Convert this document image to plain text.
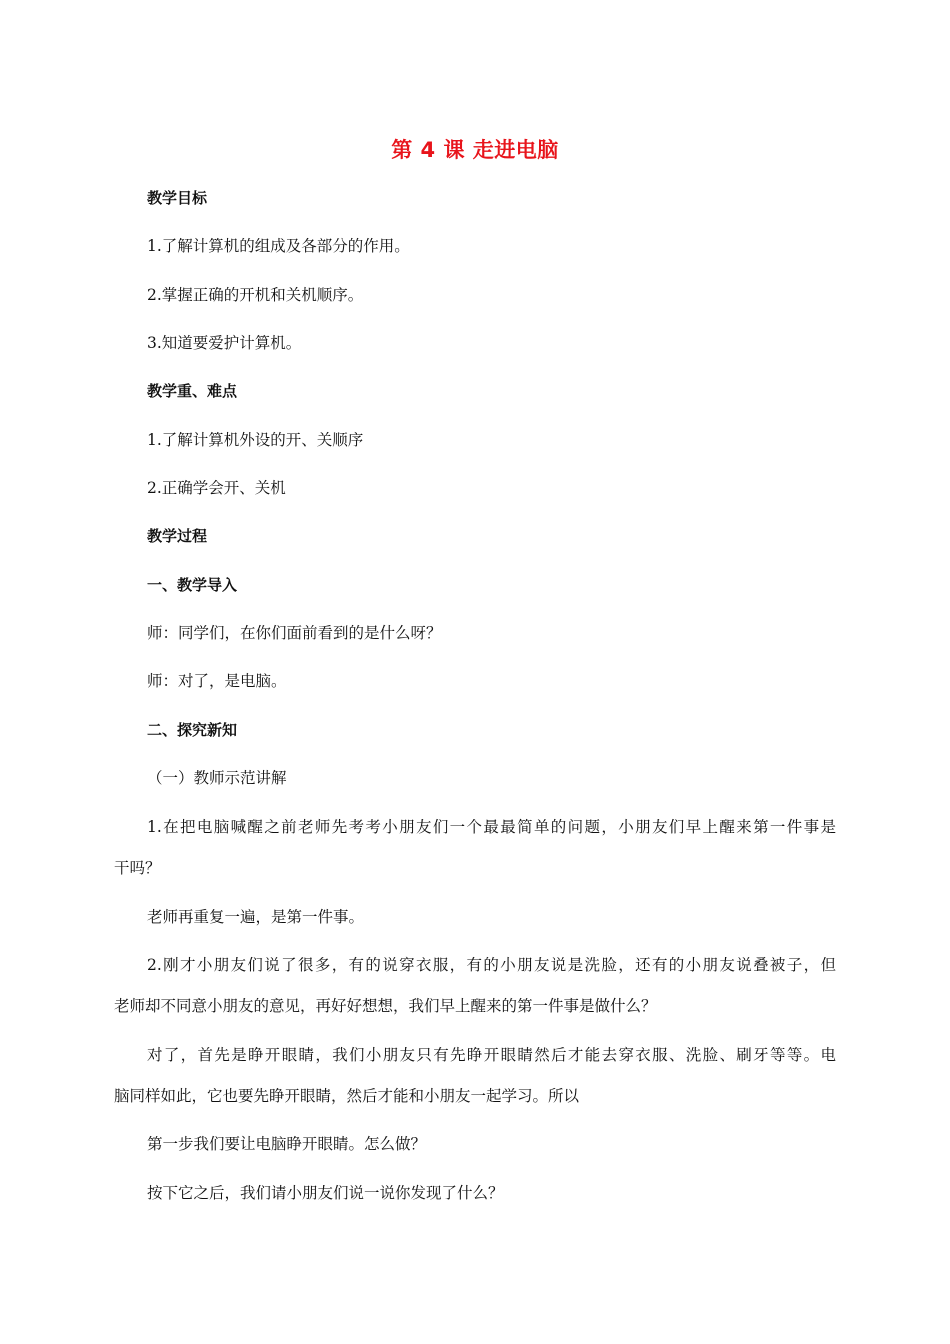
第 4 课 走进电脑
教学目标
1.了解计算机的组成及各部分的作用。
2.掌握正确的开机和关机顺序。
3.知道要爱护计算机。
教学重、难点
1.了解计算机外设的开、关顺序
2.正确学会开、关机
教学过程
一、教学导入
师：同学们，在你们面前看到的是什么呀？
师：对了，是电脑。
二、探究新知
（一）教师示范讲解
1.在把电脑喊醒之前老师先考考小朋友们一个最最简单的问题，小朋友们早上醒来第一件事是
干吗？
老师再重复一遍，是第一件事。
2.刚才小朋友们说了很多，有的说穿衣服，有的小朋友说是洗脸，还有的小朋友说叠被子，但
老师却不同意小朋友的意见，再好好想想，我们早上醒来的第一件事是做什么？
对了，首先是睁开眼睛，我们小朋友只有先睁开眼睛然后才能去穿衣服、洗脸、刷牙等等。电
脑同样如此，它也要先睁开眼睛，然后才能和小朋友一起学习。所以
第一步我们要让电脑睁开眼睛。怎么做？
按下它之后，我们请小朋友们说一说你发现了什么？
